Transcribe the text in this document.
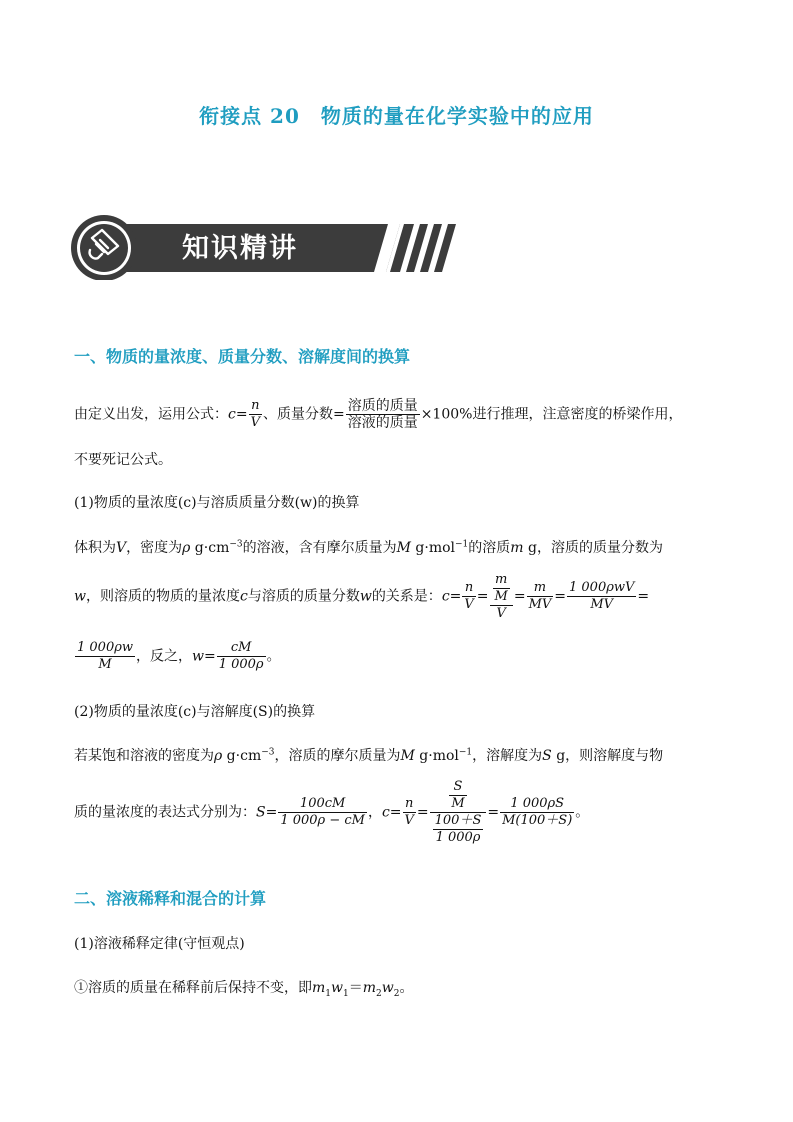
衔接点 20　物质的量在化学实验中的应用
知识精讲
一、物质的量浓度、质量分数、溶解度间的换算
由定义出发，运用公式：$c= \frac{n}{V}$ 、质量分数= $\frac{\text{溶质的质量}}{\text{溶液的质量}} \times 100\%$进行推理，注意密度的桥梁作用，
不要死记公式。
(1)物质的量浓度(c)与溶质质量分数(w)的换算
体积为V，密度为ρ $g\cdot cm^{-3}$的溶液，含有摩尔质量为M g·mol$^{-1}$的溶质m g，溶质的质量分数为
w，则溶质的物质的量浓度c与溶质的质量分数w的关系是：$c= \frac{n}{V} = \frac{\frac{m}{M}}{V} = \frac{m}{MV} = \frac{\text{1 000ρwV}}{MV}$ =
$\frac{1 000\rho w}{M}$ ，反之，$w= \frac{cM}{1 000\rho}$ 。
(2)物质的量浓度(c)与溶解度(S)的换算
若某饱和溶液的密度为ρ $g\cdot cm^{-3}$，溶质的摩尔质量为M g·mol$^{-1}$，溶解度为S g，则溶解度与物
质的量浓度的表达式分别为：$S= \frac{100cM}{1 000\rho - cM}$ ，$c= \frac{n}{V} = \frac{\frac{S}{M}}{\frac{100+S}{1 000\rho}} = \frac{1 000\rho S}{M(100+S)}$ 。
二、溶液稀释和混合的计算
(1)溶液稀释定律(守恒观点)
①溶质的质量在稀释前后保持不变，即$m_1w_1=m_2w_2$。
